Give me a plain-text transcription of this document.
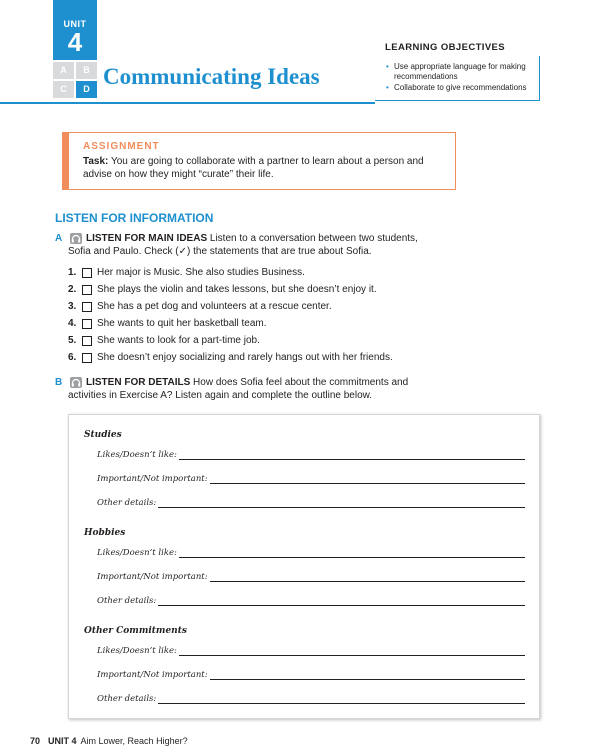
UNIT
4
A	B
C	D Communicating Ideas
LEARNING OBJECTIVES
• Use appropriate language for making recommendations
• Collaborate to give recommendations
ASSIGNMENT
Task: You are going to collaborate with a partner to learn about a person and advise on how they might “curate” their life.
LISTEN FOR INFORMATION
A	LISTEN FOR MAIN IDEAS Listen to a conversation between two students, Sofia and Paulo. Check (✓) the statements that are true about Sofia.
1.	Her major is Music. She also studies Business.
2.	She plays the violin and takes lessons, but she doesn’t enjoy it.
3.	She has a pet dog and volunteers at a rescue center.
4.	She wants to quit her basketball team.
5.	She wants to look for a part-time job.
6.	She doesn’t enjoy socializing and rarely hangs out with her friends.
B	LISTEN FOR DETAILS How does Sofia feel about the commitments and activities in Exercise A? Listen again and complete the outline below.
Studies
Likes/Doesn’t like:
Important/Not important:
Other details:
Hobbies
Likes/Doesn’t like:
Important/Not important:
Other details:
Other Commitments
Likes/Doesn’t like:
Important/Not important:
Other details:
70 UNIT 4 Aim Lower, Reach Higher?
